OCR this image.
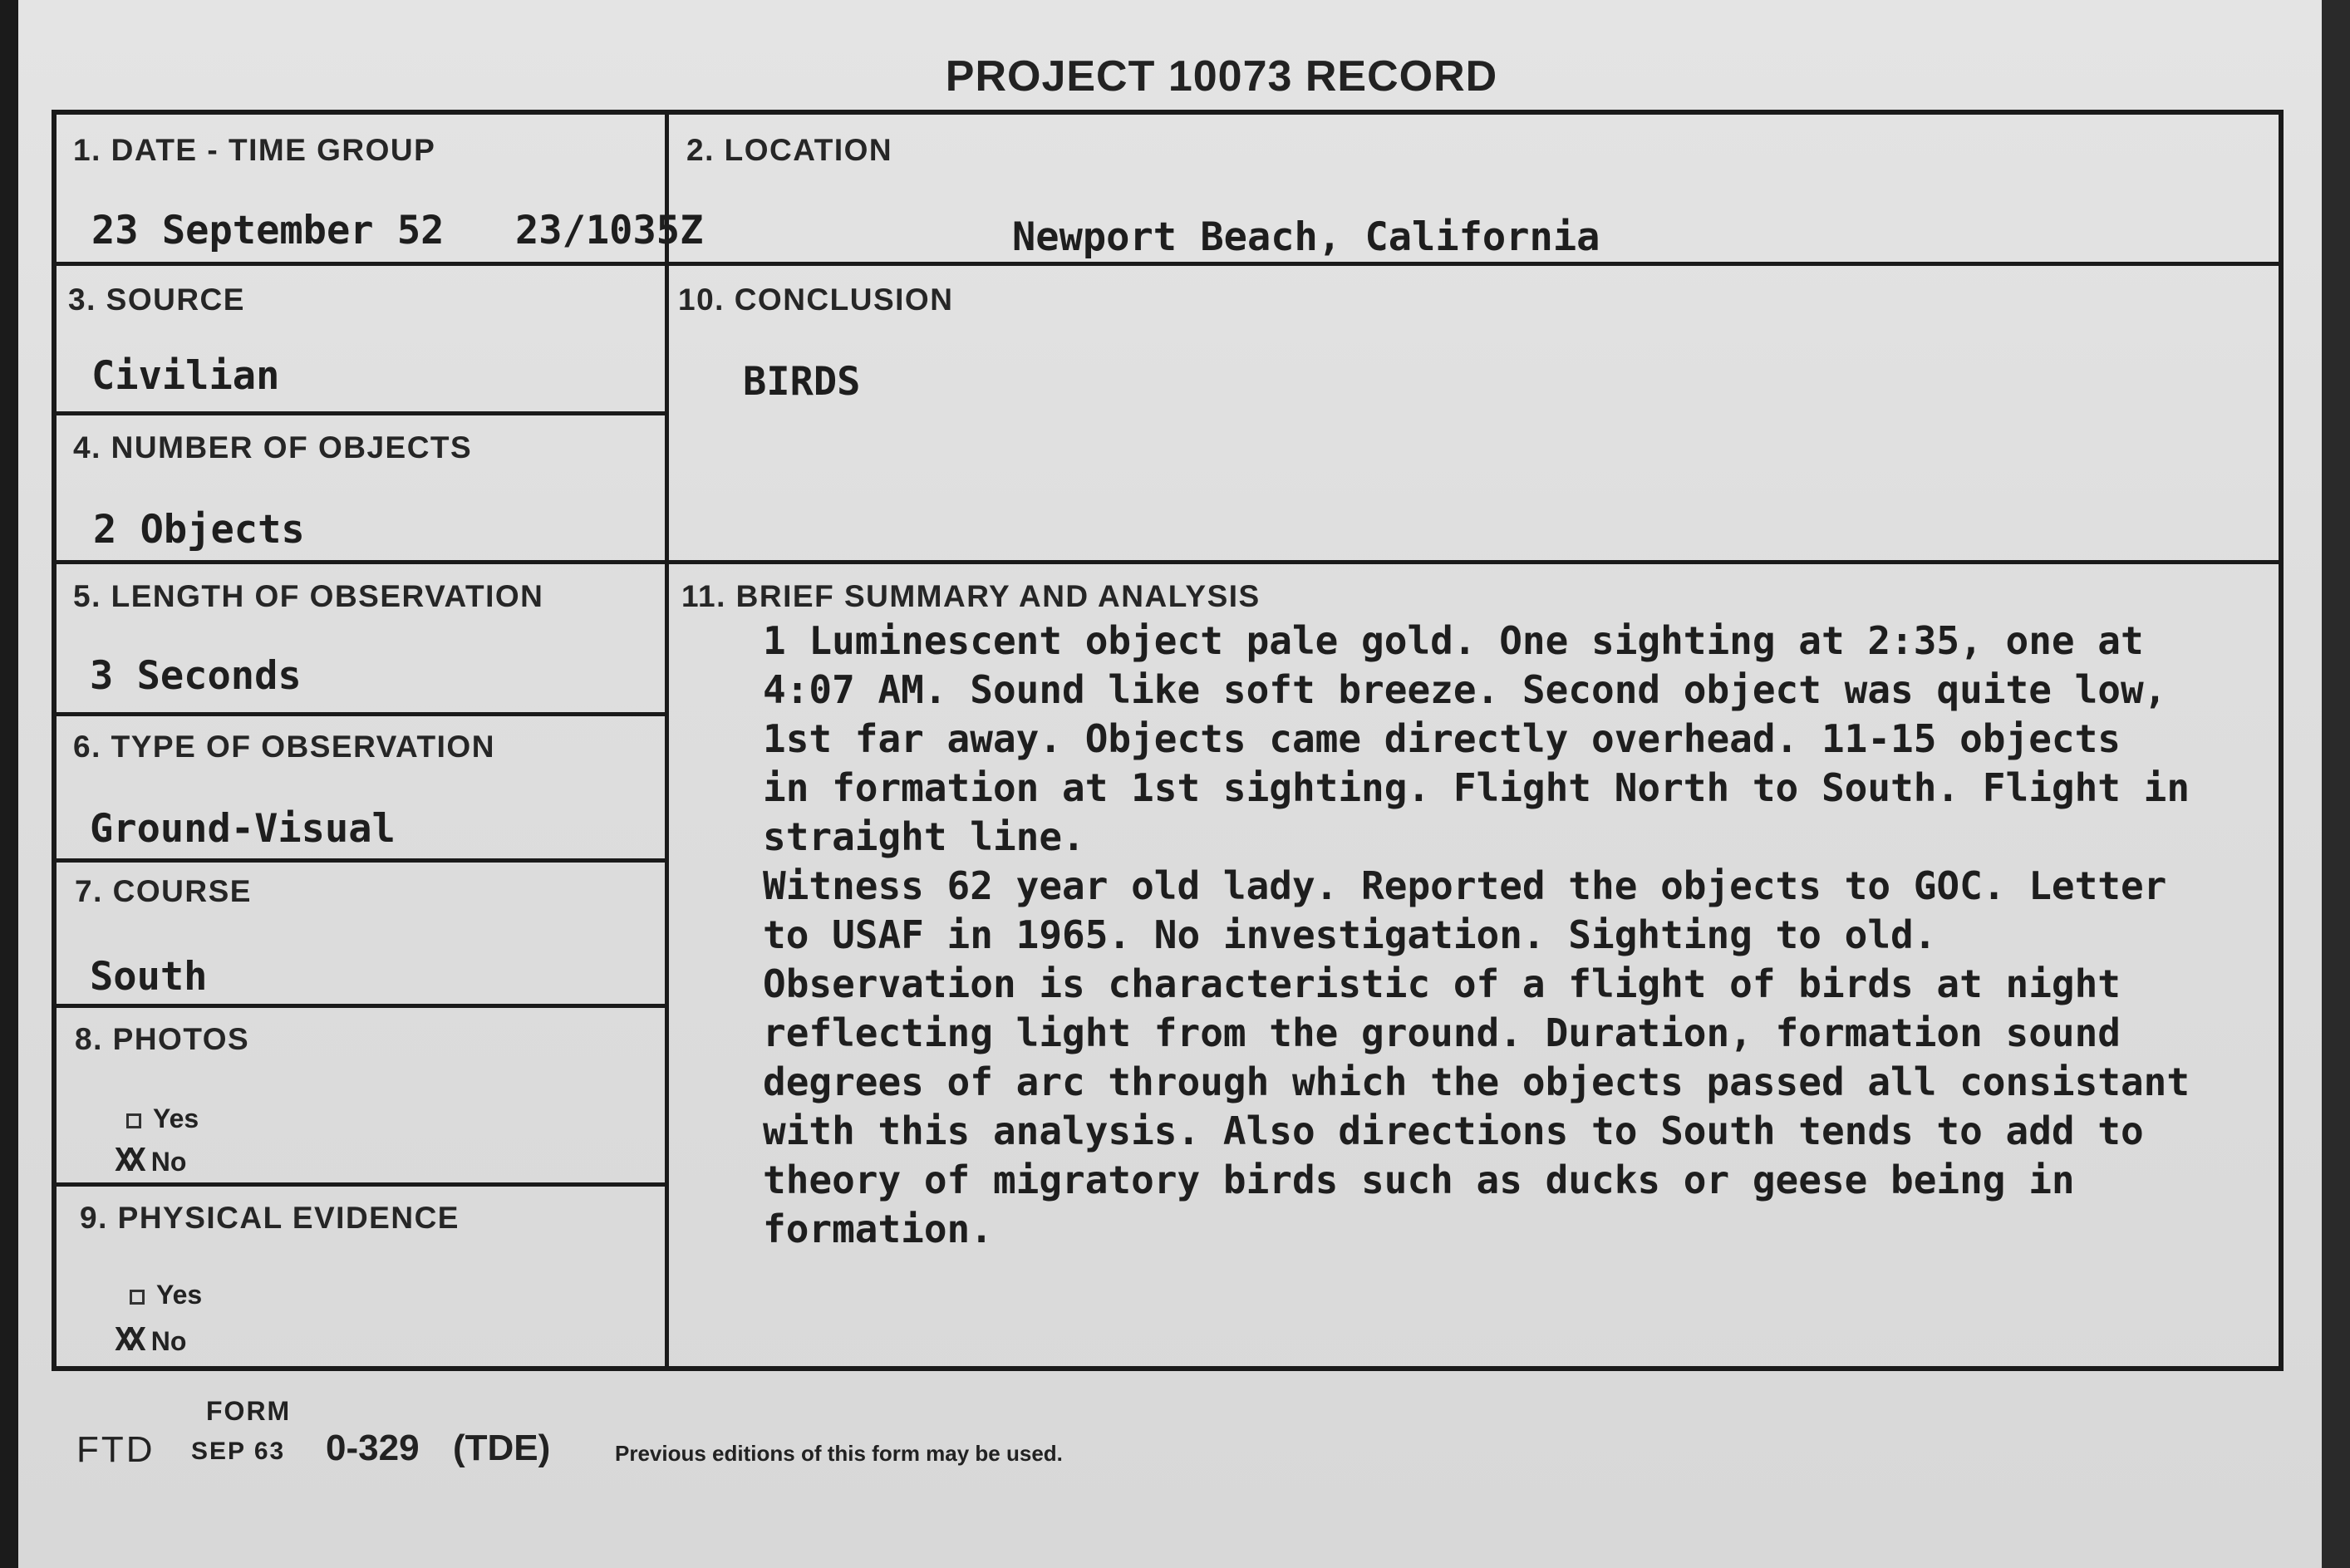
PROJECT 10073 RECORD
1. DATE - TIME GROUP
23 September 52 23/1035Z
2. LOCATION
Newport Beach, California
3. SOURCE
Civilian
10. CONCLUSION
BIRDS
4. NUMBER OF OBJECTS
2 Objects
5. LENGTH OF OBSERVATION
3 Seconds
11. BRIEF SUMMARY AND ANALYSIS
1 Luminescent object pale gold. One sighting at 2:35, one at
4:07 AM. Sound like soft breeze. Second object was quite low,
1st far away. Objects came directly overhead. 11-15 objects
in formation at 1st sighting. Flight North to South. Flight in
straight line.
Witness 62 year old lady. Reported the objects to GOC. Letter
to USAF in 1965. No investigation. Sighting to old.
Observation is characteristic of a flight of birds at night
reflecting light from the ground. Duration, formation sound
degrees of arc through which the objects passed all consistant
with this analysis. Also directions to South tends to add to
theory of migratory birds such as ducks or geese being in
formation.
6. TYPE OF OBSERVATION
Ground-Visual
7. COURSE
South
8. PHOTOS
Yes
XX No
9. PHYSICAL EVIDENCE
Yes
XX No
FORM
FTD SEP 63 0-329 (TDE)	Previous editions of this form may be used.
